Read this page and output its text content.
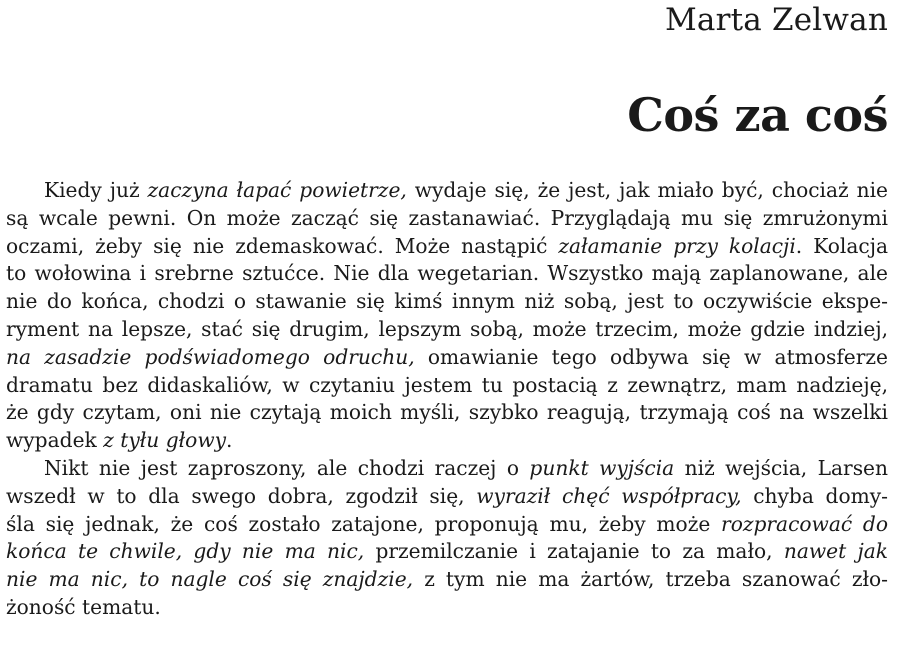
Marta Zelwan
Coś za coś
Kiedy już zaczyna łapać powietrze, wydaje się, że jest, jak miało być, chociaż nie
są wcale pewni. On może zacząć się zastanawiać. Przyglądają mu się zmrużonymi
oczami, żeby się nie zdemaskować. Może nastąpić załamanie przy kolacji. Kolacja
to wołowina i srebrne sztućce. Nie dla wegetarian. Wszystko mają zaplanowane, ale
nie do końca, chodzi o stawanie się kimś innym niż sobą, jest to oczywiście ekspe-
ryment na lepsze, stać się drugim, lepszym sobą, może trzecim, może gdzie indziej,
na zasadzie podświadomego odruchu, omawianie tego odbywa się w atmosferze
dramatu bez didaskaliów, w czytaniu jestem tu postacią z zewnątrz, mam nadzieję,
że gdy czytam, oni nie czytają moich myśli, szybko reagują, trzymają coś na wszelki
wypadek z tyłu głowy.
Nikt nie jest zaproszony, ale chodzi raczej o punkt wyjścia niż wejścia, Larsen
wszedł w to dla swego dobra, zgodził się, wyraził chęć współpracy, chyba domy-
śla się jednak, że coś zostało zatajone, proponują mu, żeby może rozpracować do
końca te chwile, gdy nie ma nic, przemilczanie i zatajanie to za mało, nawet jak
nie ma nic, to nagle coś się znajdzie, z tym nie ma żartów, trzeba szanować zło-
żoność tematu.
